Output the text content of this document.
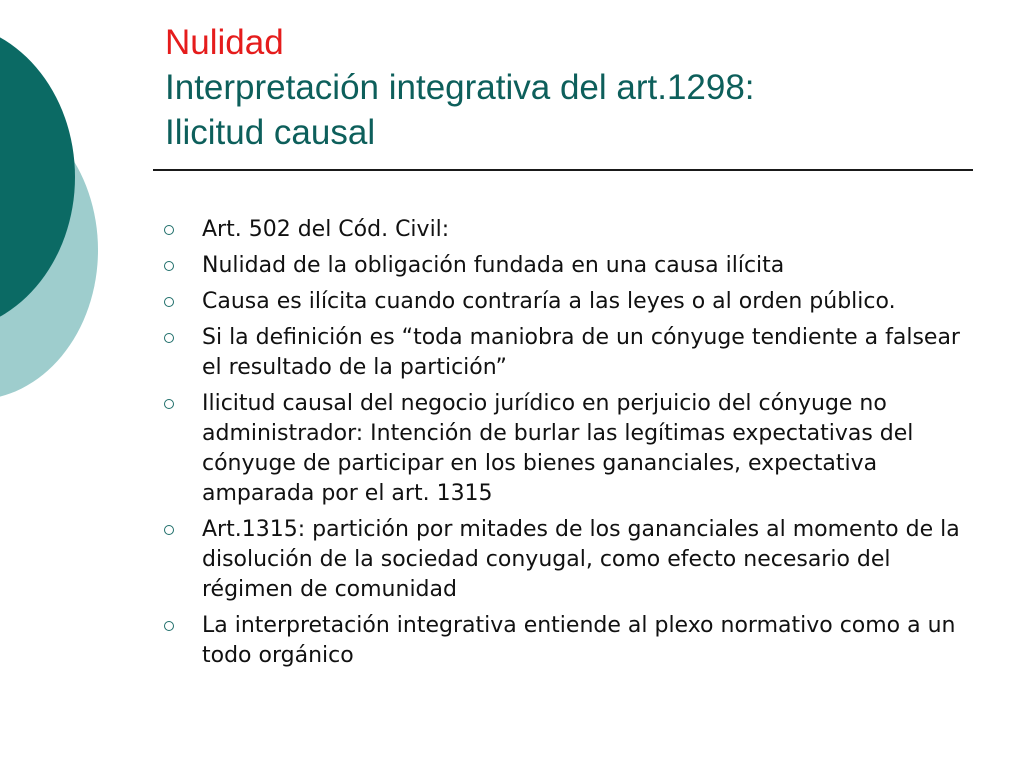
Nulidad
Interpretación integrativa del art.1298:
Ilicitud causal
Art. 502 del Cód. Civil:
Nulidad de la obligación fundada en una causa ilícita
Causa es ilícita cuando contraría a las leyes o al orden público.
Si la definición es “toda maniobra de un cónyuge tendiente a falsear el resultado de la partición”
Ilicitud causal del negocio jurídico en perjuicio del cónyuge no administrador: Intención de burlar las legítimas expectativas del cónyuge de participar en los bienes gananciales, expectativa amparada por el art. 1315
Art.1315: partición por mitades de los gananciales al momento de la disolución de la sociedad conyugal, como efecto necesario del régimen de comunidad
La interpretación integrativa entiende al plexo normativo como a un todo orgánico
